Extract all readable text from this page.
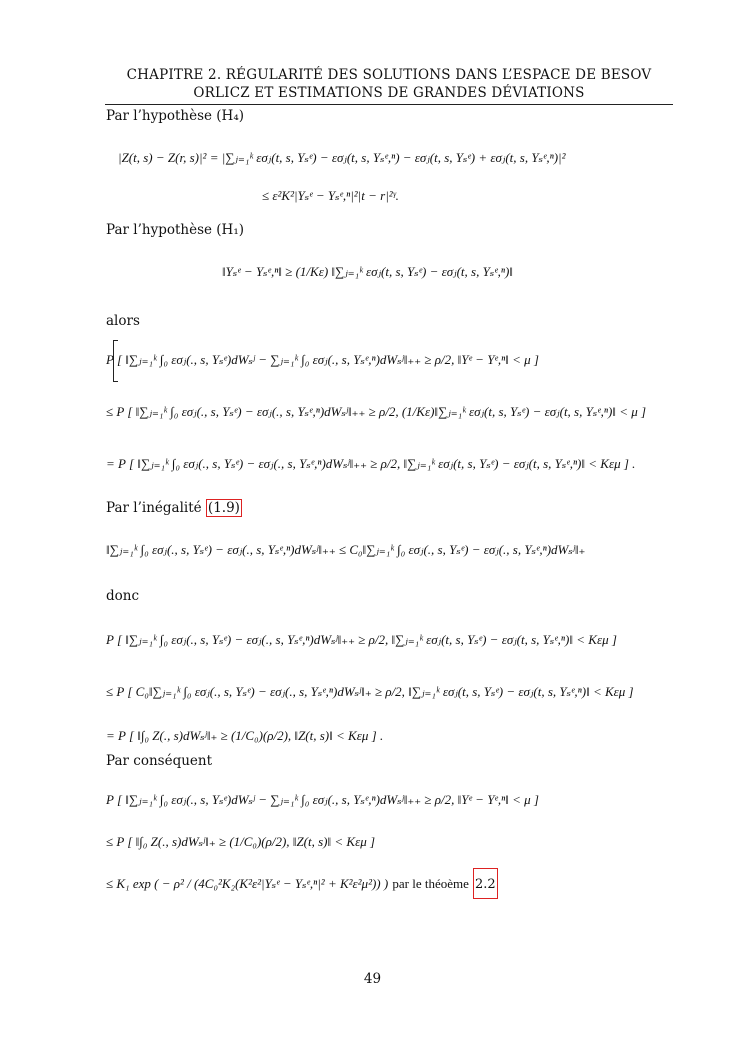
CHAPITRE 2. RÉGULARITÉ DES SOLUTIONS DANS L’ESPACE DE BESOV
ORLICZ ET ESTIMATIONS DE GRANDES DÉVIATIONS
Par l’hypothèse (H₄)
|Z(t, s) − Z(r, s)|² = |∑ⱼ₌₁ᵏ εσⱼ(t, s, Yₛᵉ) − εσⱼ(t, s, Yₛᵉ,ⁿ) − εσⱼ(t, s, Yₛᵉ) + εσⱼ(t, s, Yₛᵉ,ⁿ)|²
≤ ε²K²|Yₛᵉ − Yₛᵉ,ⁿ|²|t − r|²ᵞ.
Par l’hypothèse (H₁)
‖Yₛᵉ − Yₛᵉ,ⁿ‖ ≥ (1/Kε) ‖∑ⱼ₌₁ᵏ εσⱼ(t, s, Yₛᵉ) − εσⱼ(t, s, Yₛᵉ,ⁿ)‖
alors
P [ ‖∑ⱼ₌₁ᵏ ∫₀ εσⱼ(., s, Yₛᵉ)dWₛʲ − ∑ⱼ₌₁ᵏ ∫₀ εσⱼ(., s, Yₛᵉ,ⁿ)dWₛʲ‖₊₊ ≥ ρ/2, ‖Yᵉ − Yᵉ,ⁿ‖ < μ ]
≤ P [ ‖∑ⱼ₌₁ᵏ ∫₀ εσⱼ(., s, Yₛᵉ) − εσⱼ(., s, Yₛᵉ,ⁿ)dWₛʲ‖₊₊ ≥ ρ/2, (1/Kε)‖∑ⱼ₌₁ᵏ εσⱼ(t, s, Yₛᵉ) − εσⱼ(t, s, Yₛᵉ,ⁿ)‖ < μ ]
= P [ ‖∑ⱼ₌₁ᵏ ∫₀ εσⱼ(., s, Yₛᵉ) − εσⱼ(., s, Yₛᵉ,ⁿ)dWₛʲ‖₊₊ ≥ ρ/2, ‖∑ⱼ₌₁ᵏ εσⱼ(t, s, Yₛᵉ) − εσⱼ(t, s, Yₛᵉ,ⁿ)‖ < Kεμ ] .
Par l’inégalité (1.9)
‖∑ⱼ₌₁ᵏ ∫₀ εσⱼ(., s, Yₛᵉ) − εσⱼ(., s, Yₛᵉ,ⁿ)dWₛʲ‖₊₊ ≤ C₀‖∑ⱼ₌₁ᵏ ∫₀ εσⱼ(., s, Yₛᵉ) − εσⱼ(., s, Yₛᵉ,ⁿ)dWₛʲ‖₊
donc
P [ ‖∑ⱼ₌₁ᵏ ∫₀ εσⱼ(., s, Yₛᵉ) − εσⱼ(., s, Yₛᵉ,ⁿ)dWₛʲ‖₊₊ ≥ ρ/2, ‖∑ⱼ₌₁ᵏ εσⱼ(t, s, Yₛᵉ) − εσⱼ(t, s, Yₛᵉ,ⁿ)‖ < Kεμ ]
≤ P [ C₀‖∑ⱼ₌₁ᵏ ∫₀ εσⱼ(., s, Yₛᵉ) − εσⱼ(., s, Yₛᵉ,ⁿ)dWₛʲ‖₊ ≥ ρ/2, ‖∑ⱼ₌₁ᵏ εσⱼ(t, s, Yₛᵉ) − εσⱼ(t, s, Yₛᵉ,ⁿ)‖ < Kεμ ]
= P [ ‖∫₀ Z(., s)dWₛʲ‖₊ ≥ (1/C₀)(ρ/2), ‖Z(t, s)‖ < Kεμ ] .
Par conséquent
P [ ‖∑ⱼ₌₁ᵏ ∫₀ εσⱼ(., s, Yₛᵉ)dWₛʲ − ∑ⱼ₌₁ᵏ ∫₀ εσⱼ(., s, Yₛᵉ,ⁿ)dWₛʲ‖₊₊ ≥ ρ/2, ‖Yᵉ − Yᵉ,ⁿ‖ < μ ]
≤ P [ ‖∫₀ Z(., s)dWₛʲ‖₊ ≥ (1/C₀)(ρ/2), ‖Z(t, s)‖ < Kεμ ]
≤ K₁ exp ( − ρ² / (4C₀²K₂(K²ε²|Yₛᵉ − Yₛᵉ,ⁿ|² + K²ε²μ²)) ) par le théoème 2.2
49
